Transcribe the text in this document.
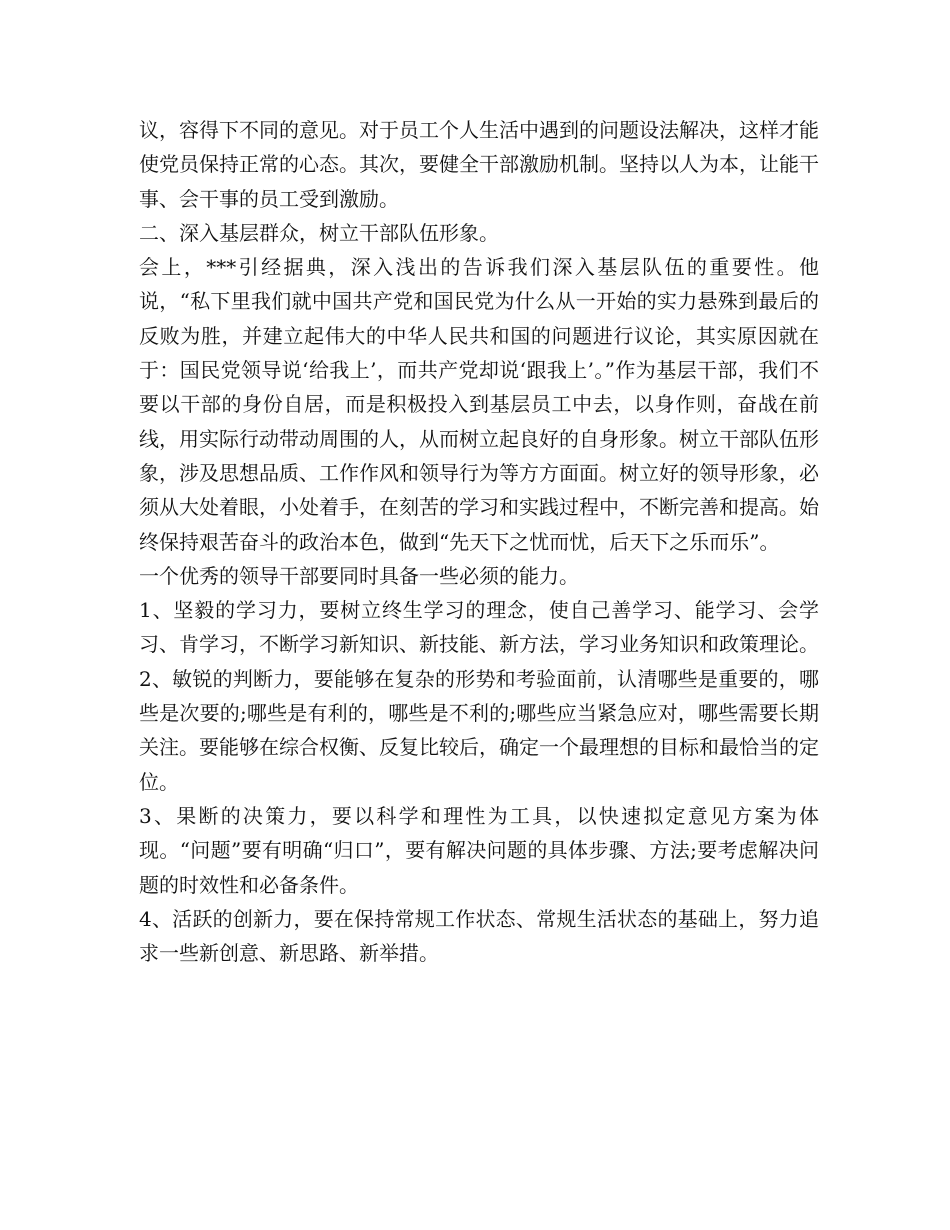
议，容得下不同的意见。对于员工个人生活中遇到的问题设法解决，这样才能使党员保持正常的心态。其次，要健全干部激励机制。坚持以人为本，让能干事、会干事的员工受到激励。

二、深入基层群众，树立干部队伍形象。

会上，***引经据典，深入浅出的告诉我们深入基层队伍的重要性。他说，“私下里我们就中国共产党和国民党为什么从一开始的实力悬殊到最后的反败为胜，并建立起伟大的中华人民共和国的问题进行议论，其实原因就在于：国民党领导说‘给我上’，而共产党却说‘跟我上’。”作为基层干部，我们不要以干部的身份自居，而是积极投入到基层员工中去，以身作则，奋战在前线，用实际行动带动周围的人，从而树立起良好的自身形象。树立干部队伍形象，涉及思想品质、工作作风和领导行为等方方面面。树立好的领导形象，必须从大处着眼，小处着手，在刻苦的学习和实践过程中，不断完善和提高。始终保持艰苦奋斗的政治本色，做到“先天下之忧而忧，后天下之乐而乐”。

一个优秀的领导干部要同时具备一些必须的能力。

1、坚毅的学习力，要树立终生学习的理念，使自己善学习、能学习、会学习、肯学习，不断学习新知识、新技能、新方法，学习业务知识和政策理论。

2、敏锐的判断力，要能够在复杂的形势和考验面前，认清哪些是重要的，哪些是次要的;哪些是有利的，哪些是不利的;哪些应当紧急应对，哪些需要长期关注。要能够在综合权衡、反复比较后，确定一个最理想的目标和最恰当的定位。

3、果断的决策力，要以科学和理性为工具，以快速拟定意见方案为体现。“问题”要有明确“归口”，要有解决问题的具体步骤、方法;要考虑解决问题的时效性和必备条件。

4、活跃的创新力，要在保持常规工作状态、常规生活状态的基础上，努力追求一些新创意、新思路、新举措。
